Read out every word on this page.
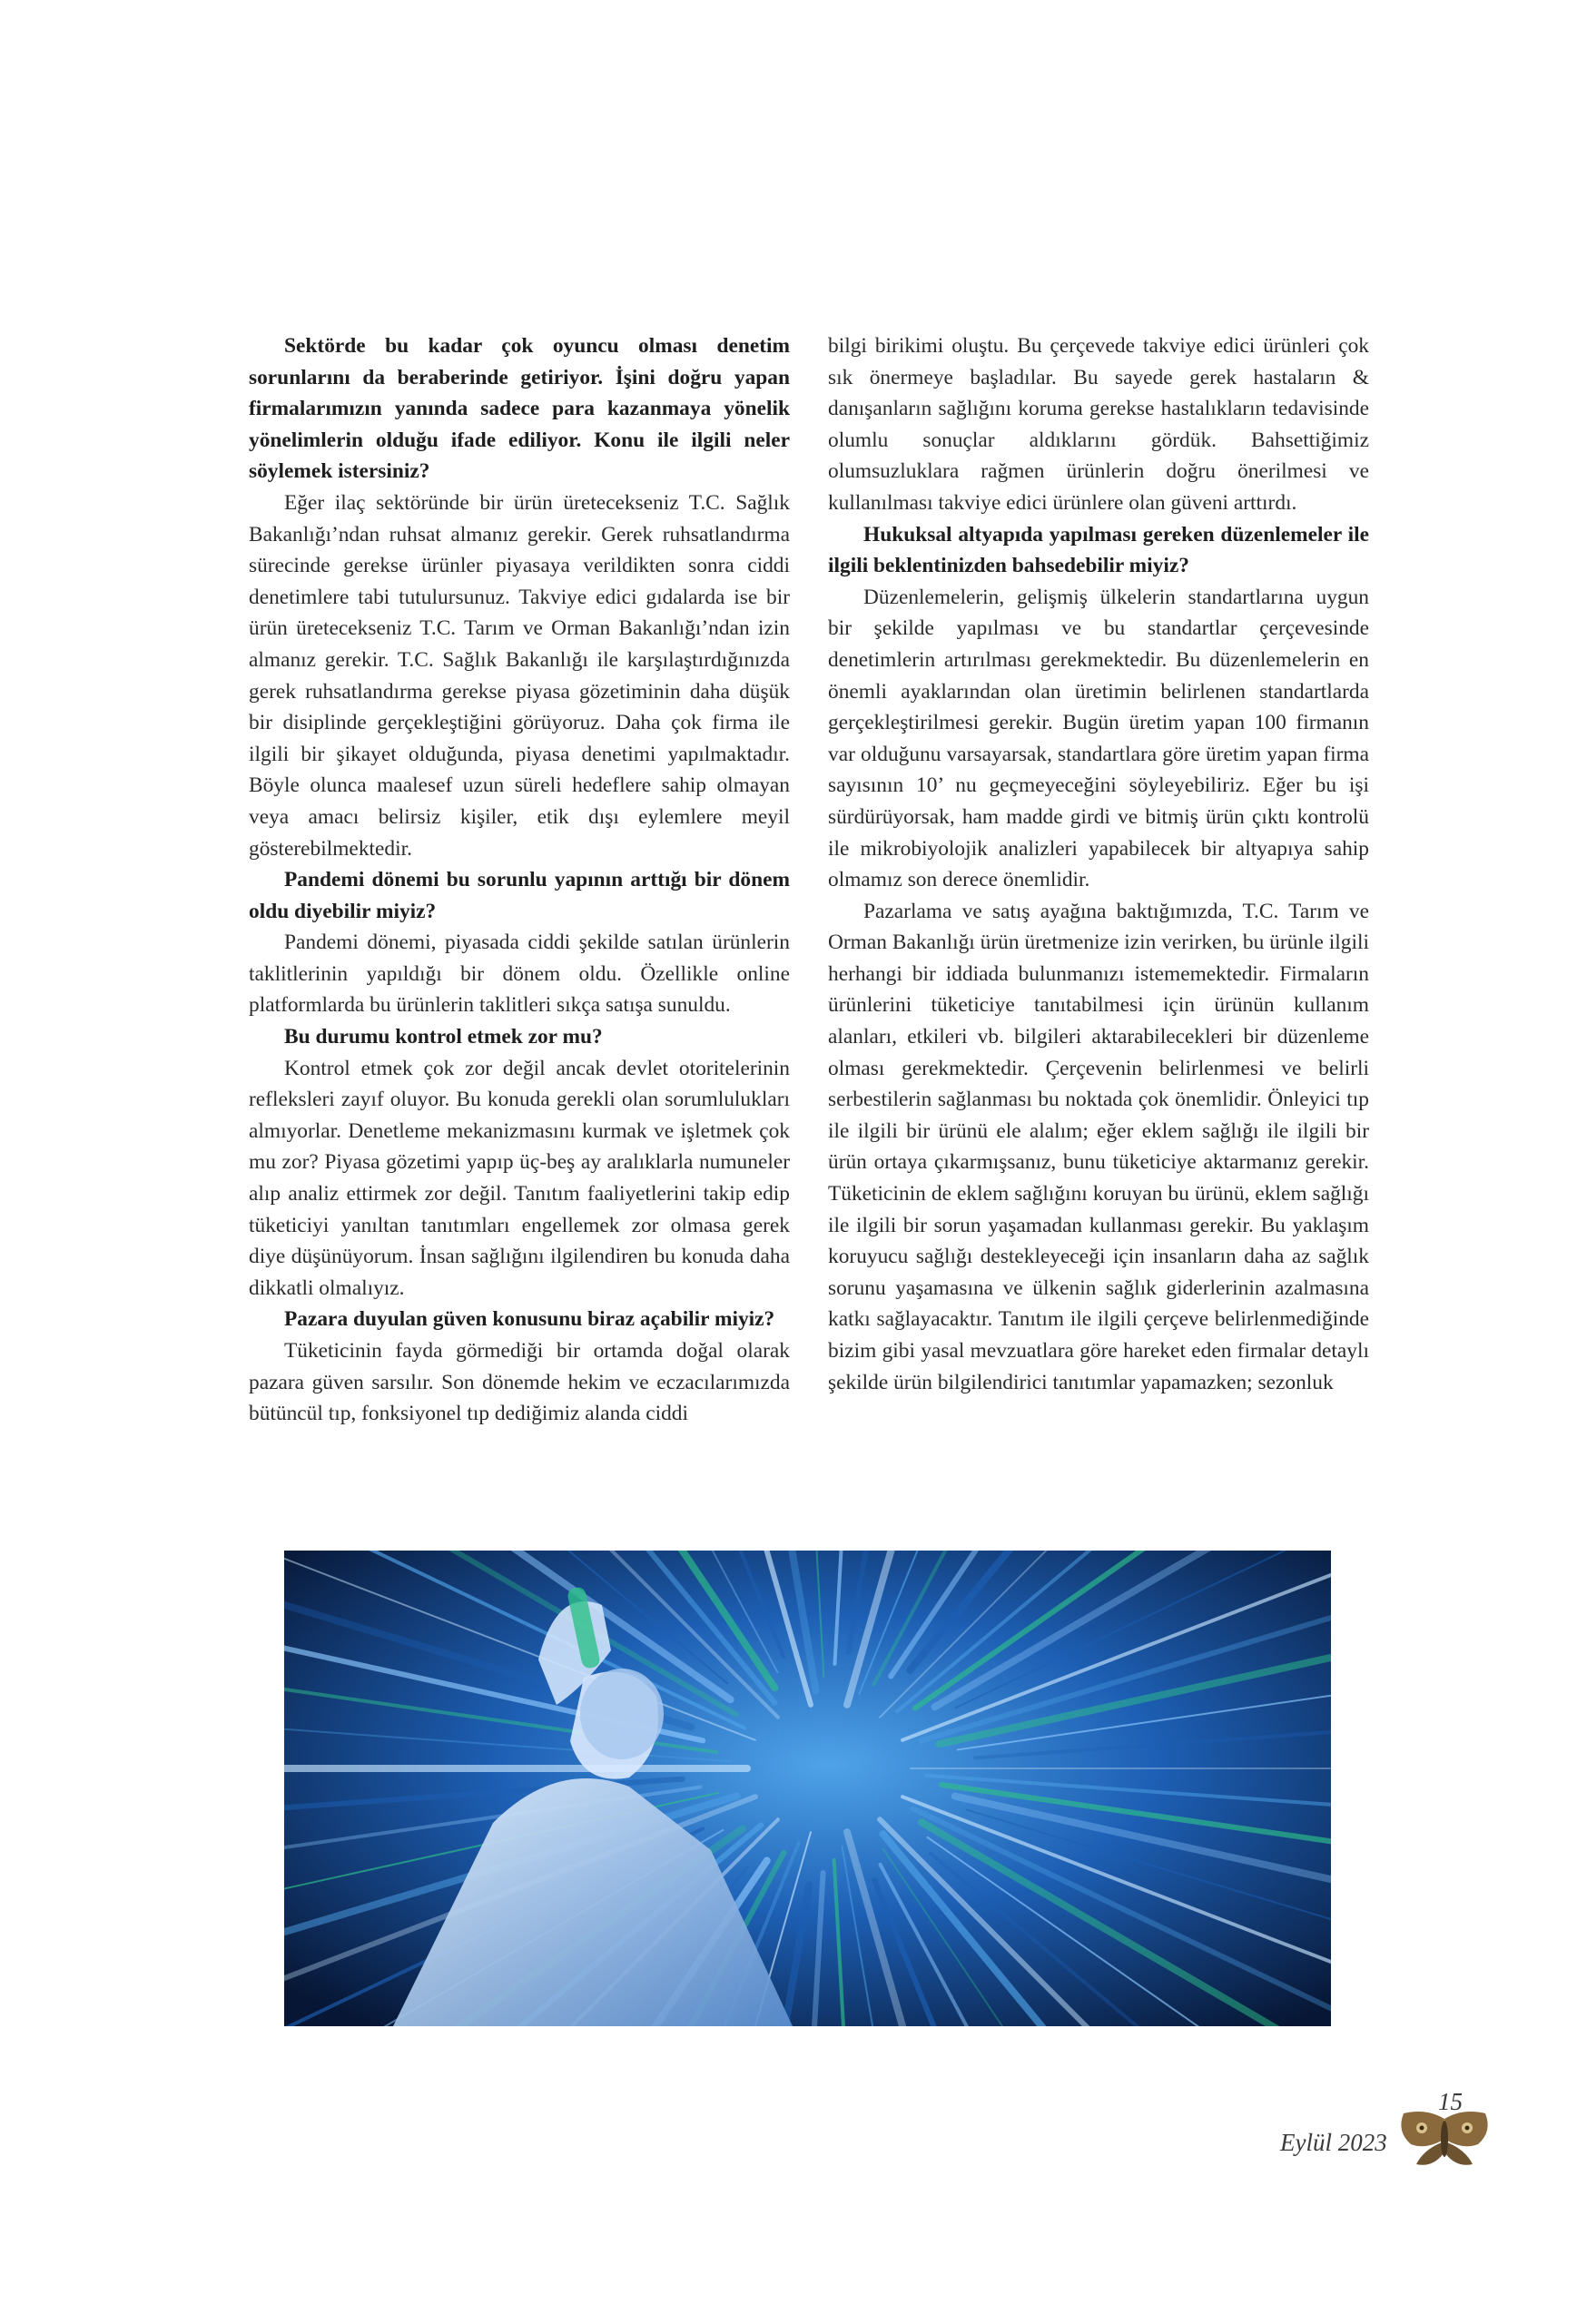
Sektörde bu kadar çok oyuncu olması denetim sorunlarını da beraberinde getiriyor. İşini doğru yapan firmalarımızın yanında sadece para kazanmaya yönelik yönelimlerin olduğu ifade ediliyor. Konu ile ilgili neler söylemek istersiniz?

Eğer ilaç sektöründe bir ürün üretecekseniz T.C. Sağlık Bakanlığı’ndan ruhsat almanız gerekir. Gerek ruhsatlandırma sürecinde gerekse ürünler piyasaya verildikten sonra ciddi denetimlere tabi tutulursunuz. Takviye edici gıdalarda ise bir ürün üretecekseniz T.C. Tarım ve Orman Bakanlığı’ndan izin almanız gerekir. T.C. Sağlık Bakanlığı ile karşılaştırdığınızda gerek ruhsatlandırma gerekse piyasa gözetiminin daha düşük bir disiplinde gerçekleştiğini görüyoruz. Daha çok firma ile ilgili bir şikayet olduğunda, piyasa denetimi yapılmaktadır. Böyle olunca maalesef uzun süreli hedeflere sahip olmayan veya amacı belirsiz kişiler, etik dışı eylemlere meyil gösterebilmektedir.

Pandemi dönemi bu sorunlu yapının arttığı bir dönem oldu diyebilir miyiz?

Pandemi dönemi, piyasada ciddi şekilde satılan ürünlerin taklitlerinin yapıldığı bir dönem oldu. Özellikle online platformlarda bu ürünlerin taklitleri sıkça satışa sunuldu.

Bu durumu kontrol etmek zor mu?

Kontrol etmek çok zor değil ancak devlet otoritelerinin refleksleri zayıf oluyor. Bu konuda gerekli olan sorumlulukları almıyorlar. Denetleme mekanizmasını kurmak ve işletmek çok mu zor? Piyasa gözetimi yapıp üç-beş ay aralıklarla numuneler alıp analiz ettirmek zor değil. Tanıtım faaliyetlerini takip edip tüketiciyi yanıltan tanıtımları engellemek zor olmasa gerek diye düşünüyorum. İnsan sağlığını ilgilendiren bu konuda daha dikkatli olmalıyız.

Pazara duyulan güven konusunu biraz açabilir miyiz?

Tüketicinin fayda görmediği bir ortamda doğal olarak pazara güven sarsılır. Son dönemde hekim ve eczacılarımızda bütüncül tıp, fonksiyonel tıp dediğimiz alanda ciddi

bilgi birikimi oluştu. Bu çerçevede takviye edici ürünleri çok sık önermeye başladılar. Bu sayede gerek hastaların & danışanların sağlığını koruma gerekse hastalıkların tedavisinde olumlu sonuçlar aldıklarını gördük. Bahsettiğimiz olumsuzluklara rağmen ürünlerin doğru önerilmesi ve kullanılması takviye edici ürünlere olan güveni arttırdı.

Hukuksal altyapıda yapılması gereken düzenlemeler ile ilgili beklentinizden bahsedebilir miyiz?

Düzenlemelerin, gelişmiş ülkelerin standartlarına uygun bir şekilde yapılması ve bu standartlar çerçevesinde denetimlerin artırılması gerekmektedir. Bu düzenlemelerin en önemli ayaklarından olan üretimin belirlenen standartlarda gerçekleştirilmesi gerekir. Bugün üretim yapan 100 firmanın var olduğunu varsayarsak, standartlara göre üretim yapan firma sayısının 10’ nu geçmeyeceğini söyleyebiliriz. Eğer bu işi sürdürüyorsak, ham madde girdi ve bitmiş ürün çıktı kontrolü ile mikrobiyolojik analizleri yapabilecek bir altyapıya sahip olmamız son derece önemlidir.

Pazarlama ve satış ayağına baktığımızda, T.C. Tarım ve Orman Bakanlığı ürün üretmenize izin verirken, bu ürünle ilgili herhangi bir iddiada bulunmanızı istememektedir. Firmaların ürünlerini tüketiciye tanıtabilmesi için ürünün kullanım alanları, etkileri vb. bilgileri aktarabilecekleri bir düzenleme olması gerekmektedir. Çerçevenin belirlenmesi ve belirli serbestilerin sağlanması bu noktada çok önemlidir. Önleyici tıp ile ilgili bir ürünü ele alalım; eğer eklem sağlığı ile ilgili bir ürün ortaya çıkarmışsanız, bunu tüketiciye aktarmanız gerekir. Tüketicinin de eklem sağlığını koruyan bu ürünü, eklem sağlığı ile ilgili bir sorun yaşamadan kullanması gerekir. Bu yaklaşım koruyucu sağlığı destekleyeceği için insanların daha az sağlık sorunu yaşamasına ve ülkenin sağlık giderlerinin azalmasına katkı sağlayacaktır. Tanıtım ile ilgili çerçeve belirlenmediğinde bizim gibi yasal mevzuatlara göre hareket eden firmalar detaylı şekilde ürün bilgilendirici tanıtımlar yapamazken; sezonluk

15
Eylül 2023
